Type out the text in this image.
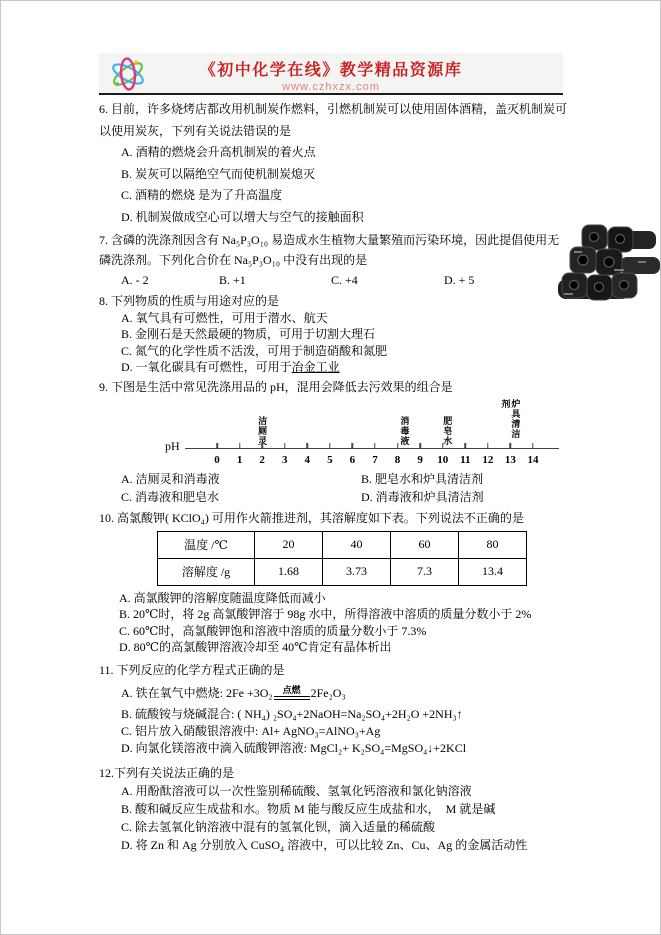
《初中化学在线》教学精品资源库
www.czhxzx.com

6. 目前，许多烧烤店都改用机制炭作燃料，引燃机制炭可以使用固体酒精，盖灭机制炭可以使用炭灰，下列有关说法错误的是

A. 酒精的燃烧会升高机制炭的着火点

B. 炭灰可以隔绝空气而使机制炭熄灭

C. 酒精的燃烧 是为了升高温度

D. 机制炭做成空心可以增大与空气的接触面积

7. 含磷的洗涤剂因含有 Na₅P₃O₁₀ 易造成水生植物大量繁殖而污染环境，因此提倡使用无磷洗涤剂。下列化合价在 Na₅P₃O₁₀ 中没有出现的是

A. - 2	B. +1	C. +4	D. + 5

8. 下列物质的性质与用途对应的是

A. 氧气具有可燃性，可用于潜水、航天

B. 金刚石是天然最硬的物质，可用于切割大理石

C. 氮气的化学性质不活泼，可用于制造硝酸和氮肥

D. 一氧化碳具有可燃性，可用于冶金工业

9. 下图是生活中常见洗涤用品的 pH，混用会降低去污效果的组合是

pH
0 1 2 3 4 5 6 7 8 9 10 11 12 13 14
洁厕灵	消毒液	肥皂水	炉具清洁剂

A. 洁厕灵和消毒液	B. 肥皂水和炉具清洁剂

C. 消毒液和肥皂水	D. 消毒液和炉具清洁剂

10. 高氯酸钾( KClO₄) 可用作火箭推进剂，其溶解度如下表。下列说法不正确的是

温度 /℃	20	40	60	80
溶解度 /g	1.68	3.73	7.3	13.4

A. 高氯酸钾的溶解度随温度降低而减小

B. 20℃时，将 2g 高氯酸钾溶于 98g 水中，所得溶液中溶质的质量分数小于 2%

C. 60℃时，高氯酸钾饱和溶液中溶质的质量分数小于 7.3%

D. 80℃的高氯酸钾溶液冷却至 40℃肯定有晶体析出

11. 下列反应的化学方程式正确的是

A. 铁在氧气中燃烧: 2Fe +3O₂ 点燃 2Fe₂O₃

B. 硫酸铵与烧碱混合: ( NH₄) ₂SO₄+2NaOH=Na₂SO₄+2H₂O +2NH₃↑

C. 铝片放入硝酸银溶液中: Al+ AgNO₃=AlNO₃+Ag

D. 向氯化镁溶液中滴入硫酸钾溶液: MgCl₂+ K₂SO₄=MgSO₄↓+2KCl

12.下列有关说法正确的是

A. 用酚酞溶液可以一次性鉴别稀硫酸、氢氧化钙溶液和氯化钠溶液

B. 酸和碱反应生成盐和水。物质 M 能与酸反应生成盐和水，　M 就是碱

C. 除去氢氧化钠溶液中混有的氢氧化钡，滴入适量的稀硫酸

D. 将 Zn 和 Ag 分别放入 CuSO₄ 溶液中，可以比较 Zn、Cu、Ag 的金属活动性
